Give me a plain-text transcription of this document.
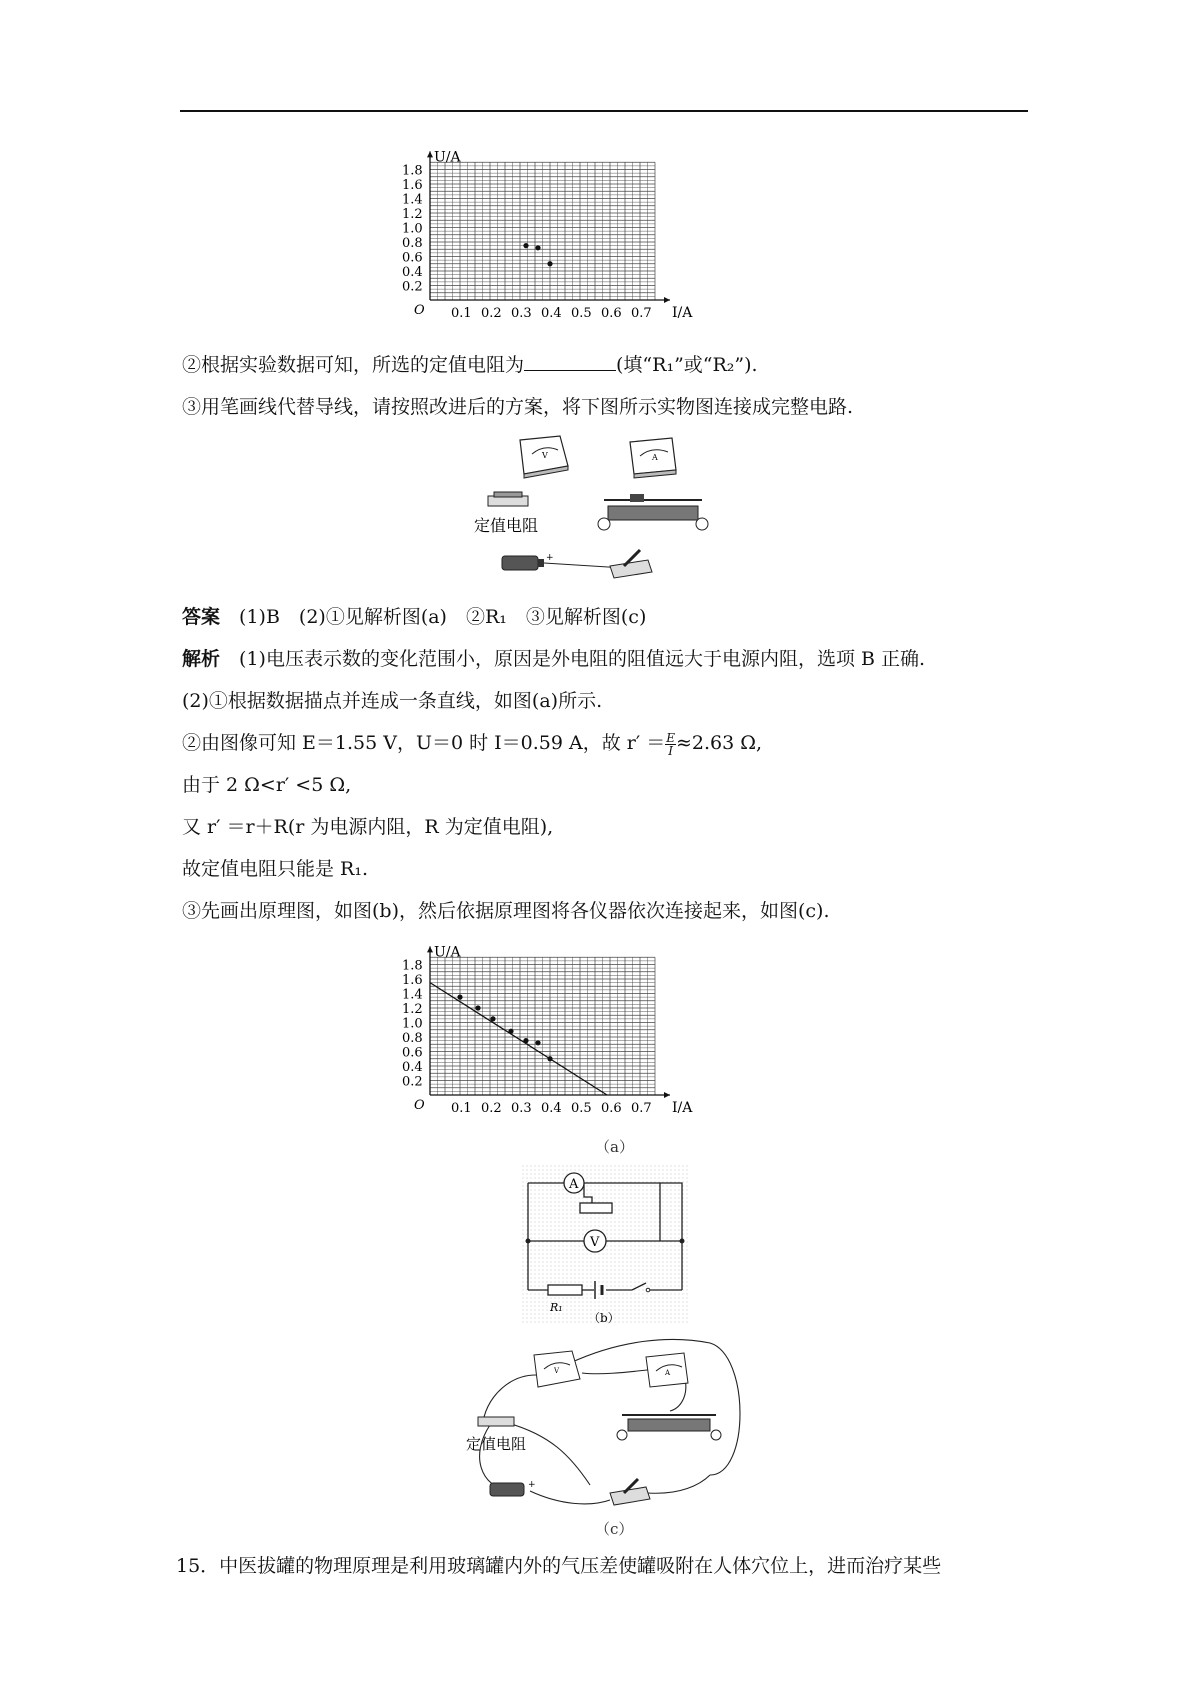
1.8
1.6
1.4
1.2
1.0
0.8
0.6
0.4
0.2
0.1 0.2 0.3 0.4 0.5 0.6 0.7
O
U/A
I/A
②根据实验数据可知，所选的定值电阻为	(填“R₁”或“R₂”).
③用笔画线代替导线，请按照改进后的方案，将下图所示实物图连接成完整电路.
V	A
定值电阻
+
答案　 (1)B　(2)①见解析图(a)　②R₁　③见解析图(c)
解析　 (1)电压表示数的变化范围小，原因是外电阻的阻值远大于电源内阻，选项 B 正确.
(2)①根据数据描点并连成一条直线，如图(a)所示.
②由图像可知 E＝1.55 V，U＝0 时 I＝0.59 A，故 $r' = \frac{E}{I} \approx 2.63$ Ω,
由于 2 Ω<r′ <5 Ω,
又 r′ ＝r＋R(r 为电源内阻，R 为定值电阻),
故定值电阻只能是 R₁.
③先画出原理图，如图(b)，然后依据原理图将各仪器依次连接起来，如图(c).
1.8
1.6
1.4
1.2
1.0
0.8
0.6
0.4
0.2
0.1 0.2 0.3 0.4 0.5 0.6 0.7
O
U/A
I/A
（a）
A
V
R₁
（b）
V	A
定值电阻
+
（c）
15．中医拔罐的物理原理是利用玻璃罐内外的气压差使罐吸附在人体穴位上，进而治疗某些
